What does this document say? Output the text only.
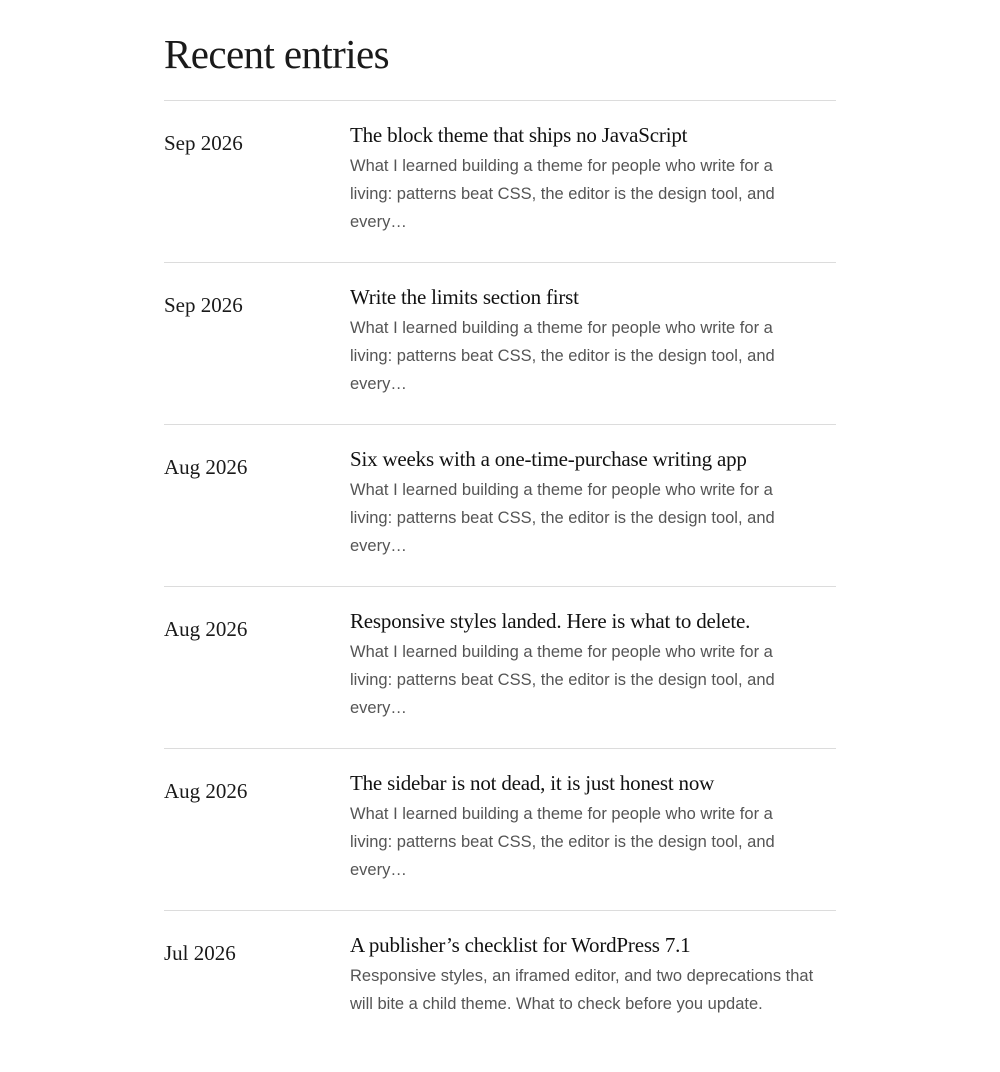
Recent entries
Sep 2026	The block theme that ships no JavaScript

What I learned building a theme for people who write for a living: patterns beat CSS, the editor is the design tool, and every…

Sep 2026	Write the limits section first

What I learned building a theme for people who write for a living: patterns beat CSS, the editor is the design tool, and every…

Aug 2026	Six weeks with a one-time-purchase writing app

What I learned building a theme for people who write for a living: patterns beat CSS, the editor is the design tool, and every…

Aug 2026	Responsive styles landed. Here is what to delete.

What I learned building a theme for people who write for a living: patterns beat CSS, the editor is the design tool, and every…

Aug 2026	The sidebar is not dead, it is just honest now

What I learned building a theme for people who write for a living: patterns beat CSS, the editor is the design tool, and every…

Jul 2026	A publisher’s checklist for WordPress 7.1

Responsive styles, an iframed editor, and two deprecations that will bite a child theme. What to check before you update.
